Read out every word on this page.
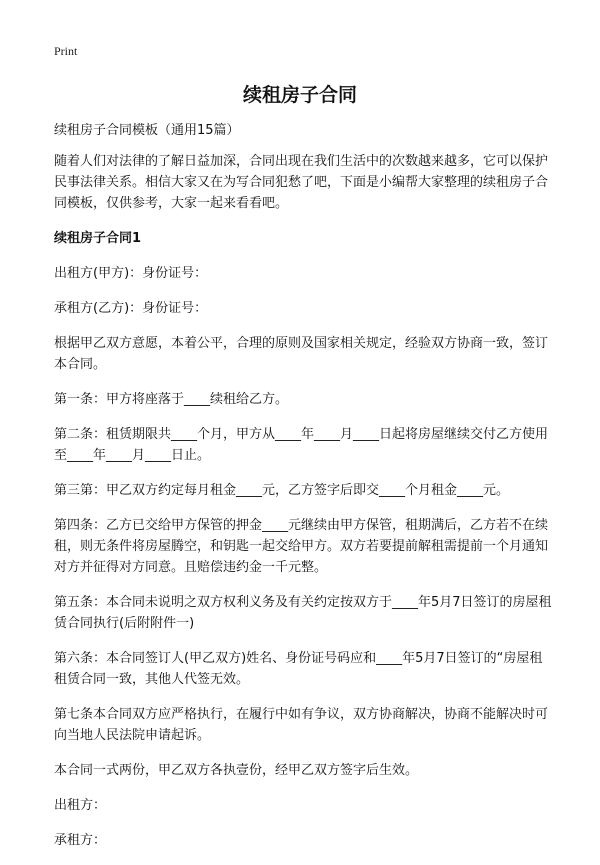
Print
续租房子合同

续租房子合同模板（通用15篇）

随着人们对法律的了解日益加深，合同出现在我们生活中的次数越来越多，它可以保护民事法律关系。相信大家又在为写合同犯愁了吧，下面是小编帮大家整理的续租房子合同模板，仅供参考，大家一起来看看吧。

续租房子合同1

出租方(甲方)：身份证号：

承租方(乙方)：身份证号：

根据甲乙双方意愿，本着公平，合理的原则及国家相关规定，经验双方协商一致，签订本合同。

第一条：甲方将座落于____续租给乙方。

第二条：租赁期限共____个月，甲方从____年____月____日起将房屋继续交付乙方使用至____年____月____日止。

第三第：甲乙双方约定每月租金____元，乙方签字后即交____个月租金____元。

第四条：乙方已交给甲方保管的押金____元继续由甲方保管，租期满后，乙方若不在续租，则无条件将房屋腾空，和钥匙一起交给甲方。双方若要提前解租需提前一个月通知对方并征得对方同意。且赔偿违约金一千元整。

第五条：本合同未说明之双方权利义务及有关约定按双方于____年5月7日签订的房屋租赁合同执行(后附附件一)

第六条：本合同签订人(甲乙双方)姓名、身份证号码应和____年5月7日签订的“房屋租租赁合同一致，其他人代签无效。

第七条本合同双方应严格执行，在履行中如有争议，双方协商解决，协商不能解决时可向当地人民法院申请起诉。

本合同一式两份，甲乙双方各执壹份，经甲乙双方签字后生效。

出租方：

承租方：
